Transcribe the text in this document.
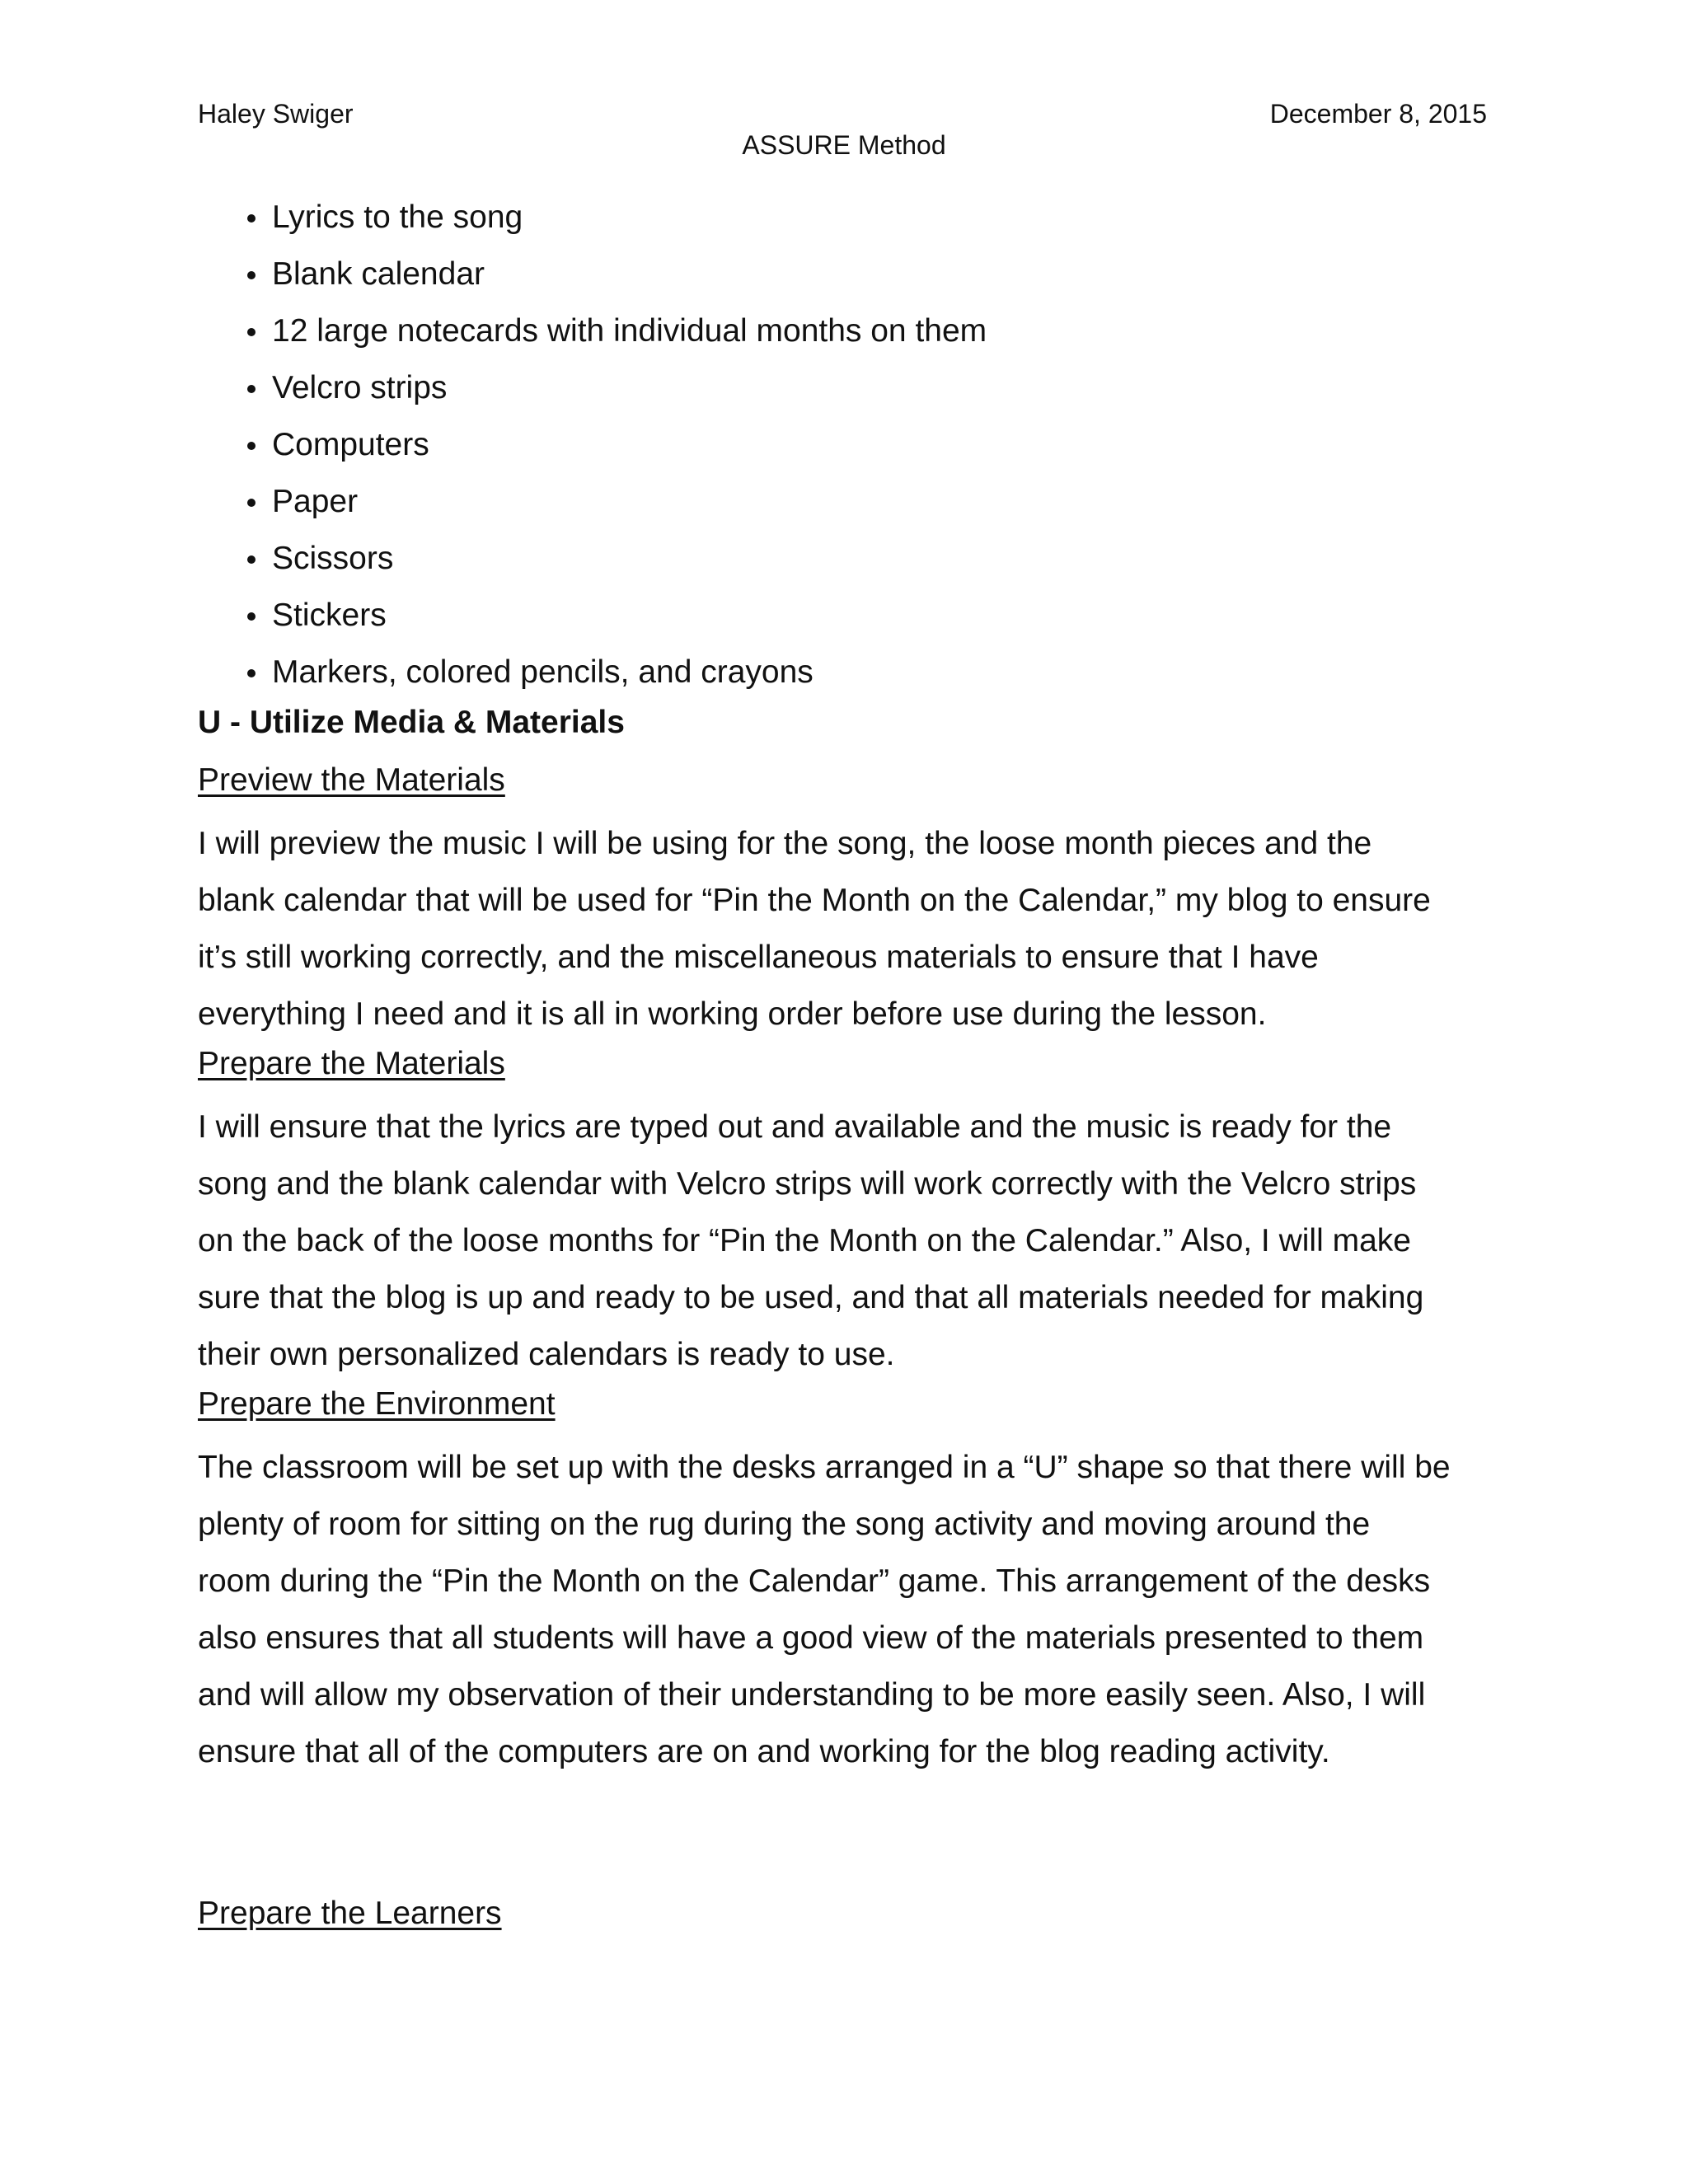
Haley Swiger	December 8, 2015
ASSURE Method
Lyrics to the song
Blank calendar
12 large notecards with individual months on them
Velcro strips
Computers
Paper
Scissors
Stickers
Markers, colored pencils, and crayons
U - Utilize Media & Materials
Preview the Materials

I will preview the music I will be using for the song, the loose month pieces and the
blank calendar that will be used for “Pin the Month on the Calendar,” my blog to ensure
it’s still working correctly, and the miscellaneous materials to ensure that I have
everything I need and it is all in working order before use during the lesson.

Prepare the Materials

I will ensure that the lyrics are typed out and available and the music is ready for the
song and the blank calendar with Velcro strips will work correctly with the Velcro strips
on the back of the loose months for “Pin the Month on the Calendar.” Also, I will make
sure that the blog is up and ready to be used, and that all materials needed for making
their own personalized calendars is ready to use.

Prepare the Environment

The classroom will be set up with the desks arranged in a “U” shape so that there will be
plenty of room for sitting on the rug during the song activity and moving around the
room during the “Pin the Month on the Calendar” game. This arrangement of the desks
also ensures that all students will have a good view of the materials presented to them
and will allow my observation of their understanding to be more easily seen. Also, I will
ensure that all of the computers are on and working for the blog reading activity.

Prepare the Learners
